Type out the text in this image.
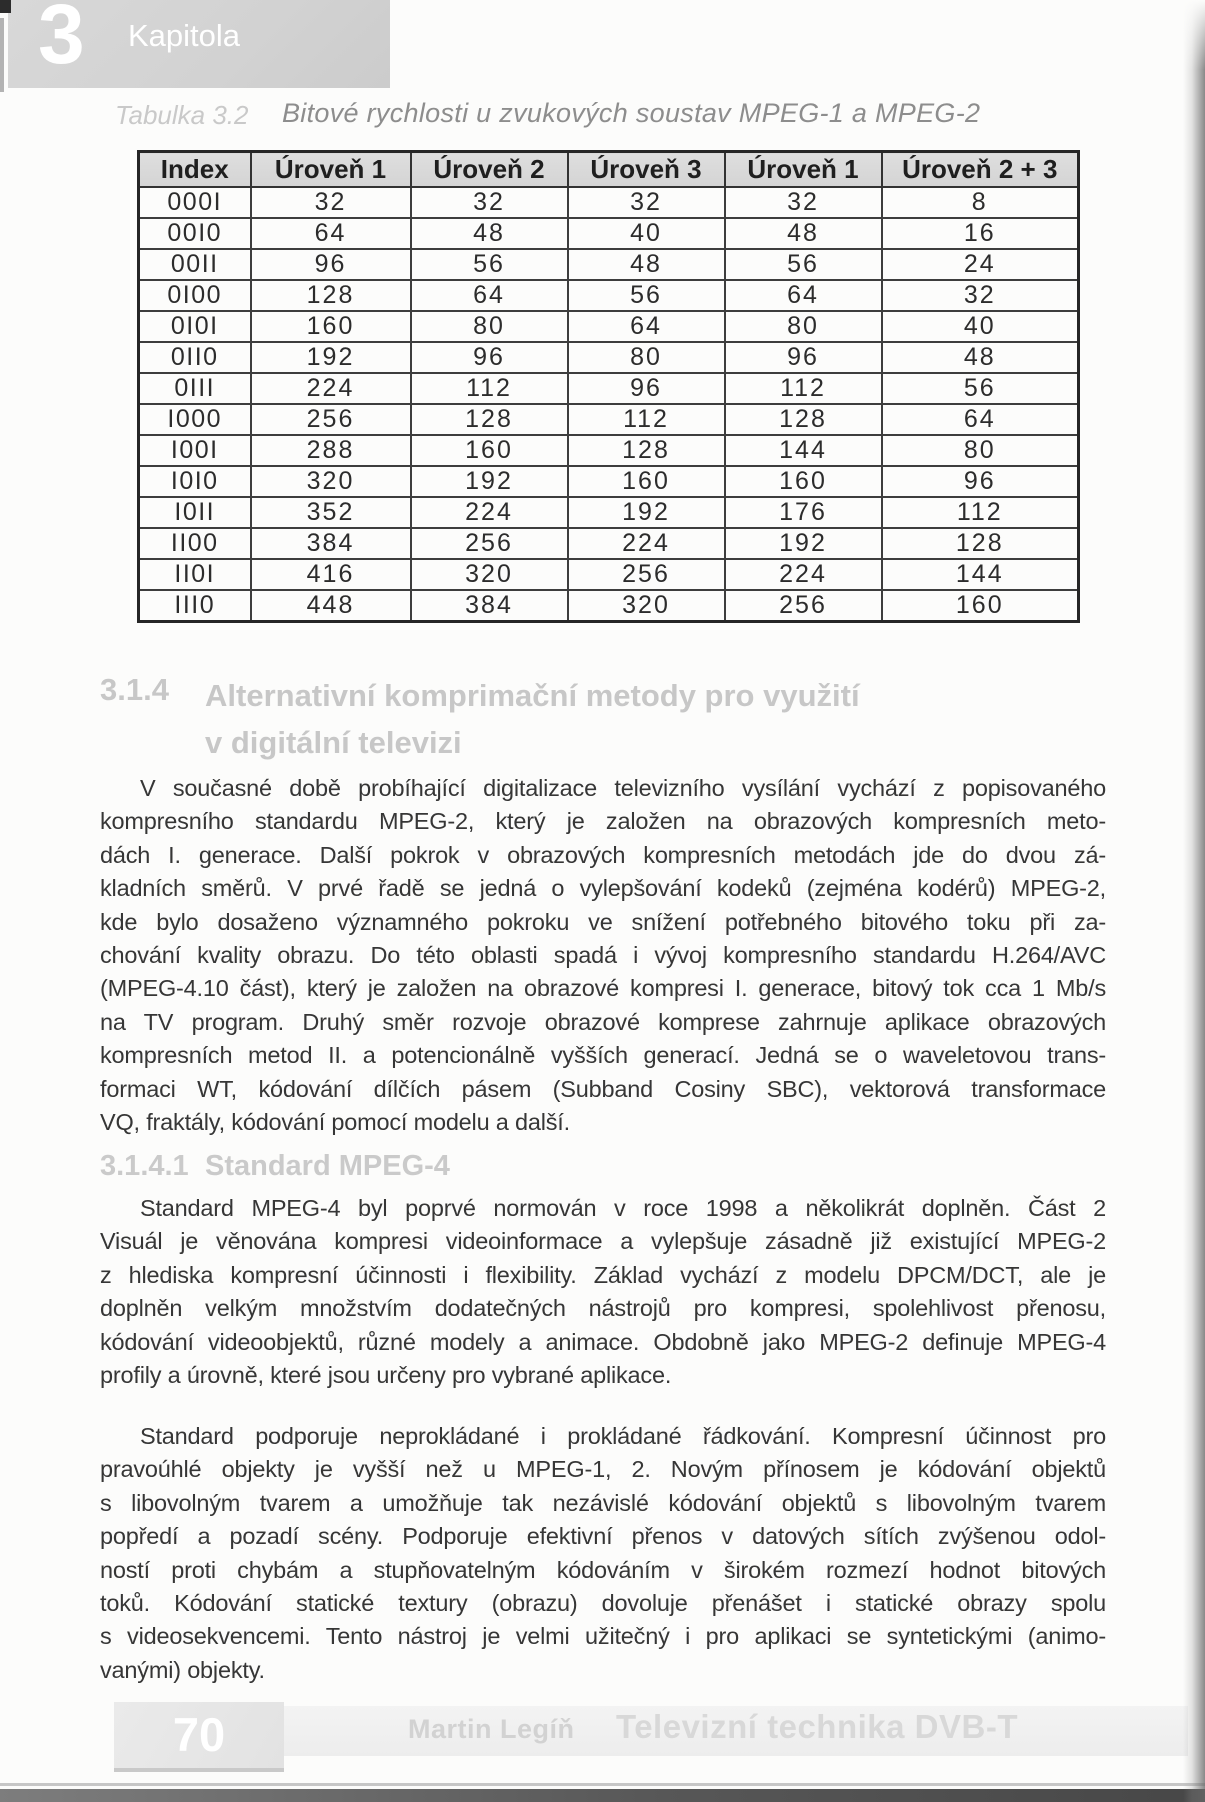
3 Kapitola
Tabulka 3.2 Bitové rychlosti u zvukových soustav MPEG-1 a MPEG-2
Index	Úroveň 1	Úroveň 2	Úroveň 3	Úroveň 1	Úroveň 2 + 3
000I	32	32	32	32	8
00I0	64	48	40	48	16
00II	96	56	48	56	24
0I00	128	64	56	64	32
0I0I	160	80	64	80	40
0II0	192	96	80	96	48
0III	224	112	96	112	56
I000	256	128	112	128	64
I00I	288	160	128	144	80
I0I0	320	192	160	160	96
I0II	352	224	192	176	112
II00	384	256	224	192	128
II0I	416	320	256	224	144
III0	448	384	320	256	160
3.1.4	Alternativní komprimační metody pro využití
v digitální televizi
V současné době probíhající digitalizace televizního vysílání vychází z popisovaného
kompresního standardu MPEG-2, který je založen na obrazových kompresních meto-
dách I. generace. Další pokrok v obrazových kompresních metodách jde do dvou zá-
kladních směrů. V prvé řadě se jedná o vylepšování kodeků (zejména kodérů) MPEG-2,
kde bylo dosaženo významného pokroku ve snížení potřebného bitového toku při za-
chování kvality obrazu. Do této oblasti spadá i vývoj kompresního standardu H.264/AVC
(MPEG-4.10 část), který je založen na obrazové kompresi I. generace, bitový tok cca 1 Mb/s
na TV program. Druhý směr rozvoje obrazové komprese zahrnuje aplikace obrazových
kompresních metod II. a potencionálně vyšších generací. Jedná se o waveletovou trans-
formaci WT, kódování dílčích pásem (Subband Cosiny SBC), vektorová transformace
VQ, fraktály, kódování pomocí modelu a další.
3.1.4.1 Standard MPEG-4
Standard MPEG-4 byl poprvé normován v roce 1998 a několikrát doplněn. Část 2
Visuál je věnována kompresi videoinformace a vylepšuje zásadně již existující MPEG-2
z hlediska kompresní účinnosti i flexibility. Základ vychází z modelu DPCM/DCT, ale je
doplněn velkým množstvím dodatečných nástrojů pro kompresi, spolehlivost přenosu,
kódování videoobjektů, různé modely a animace. Obdobně jako MPEG-2 definuje MPEG-4
profily a úrovně, které jsou určeny pro vybrané aplikace.
Standard podporuje neprokládané i prokládané řádkování. Kompresní účinnost pro
pravoúhlé objekty je vyšší než u MPEG-1, 2. Novým přínosem je kódování objektů
s libovolným tvarem a umožňuje tak nezávislé kódování objektů s libovolným tvarem
popředí a pozadí scény. Podporuje efektivní přenos v datových sítích zvýšenou odol-
ností proti chybám a stupňovatelným kódováním v širokém rozmezí hodnot bitových
toků. Kódování statické textury (obrazu) dovoluje přenášet i statické obrazy spolu
s videosekvencemi. Tento nástroj je velmi užitečný i pro aplikaci se syntetickými (animo-
vanými) objekty.
70	Martin Legíň Televizní technika DVB-T
